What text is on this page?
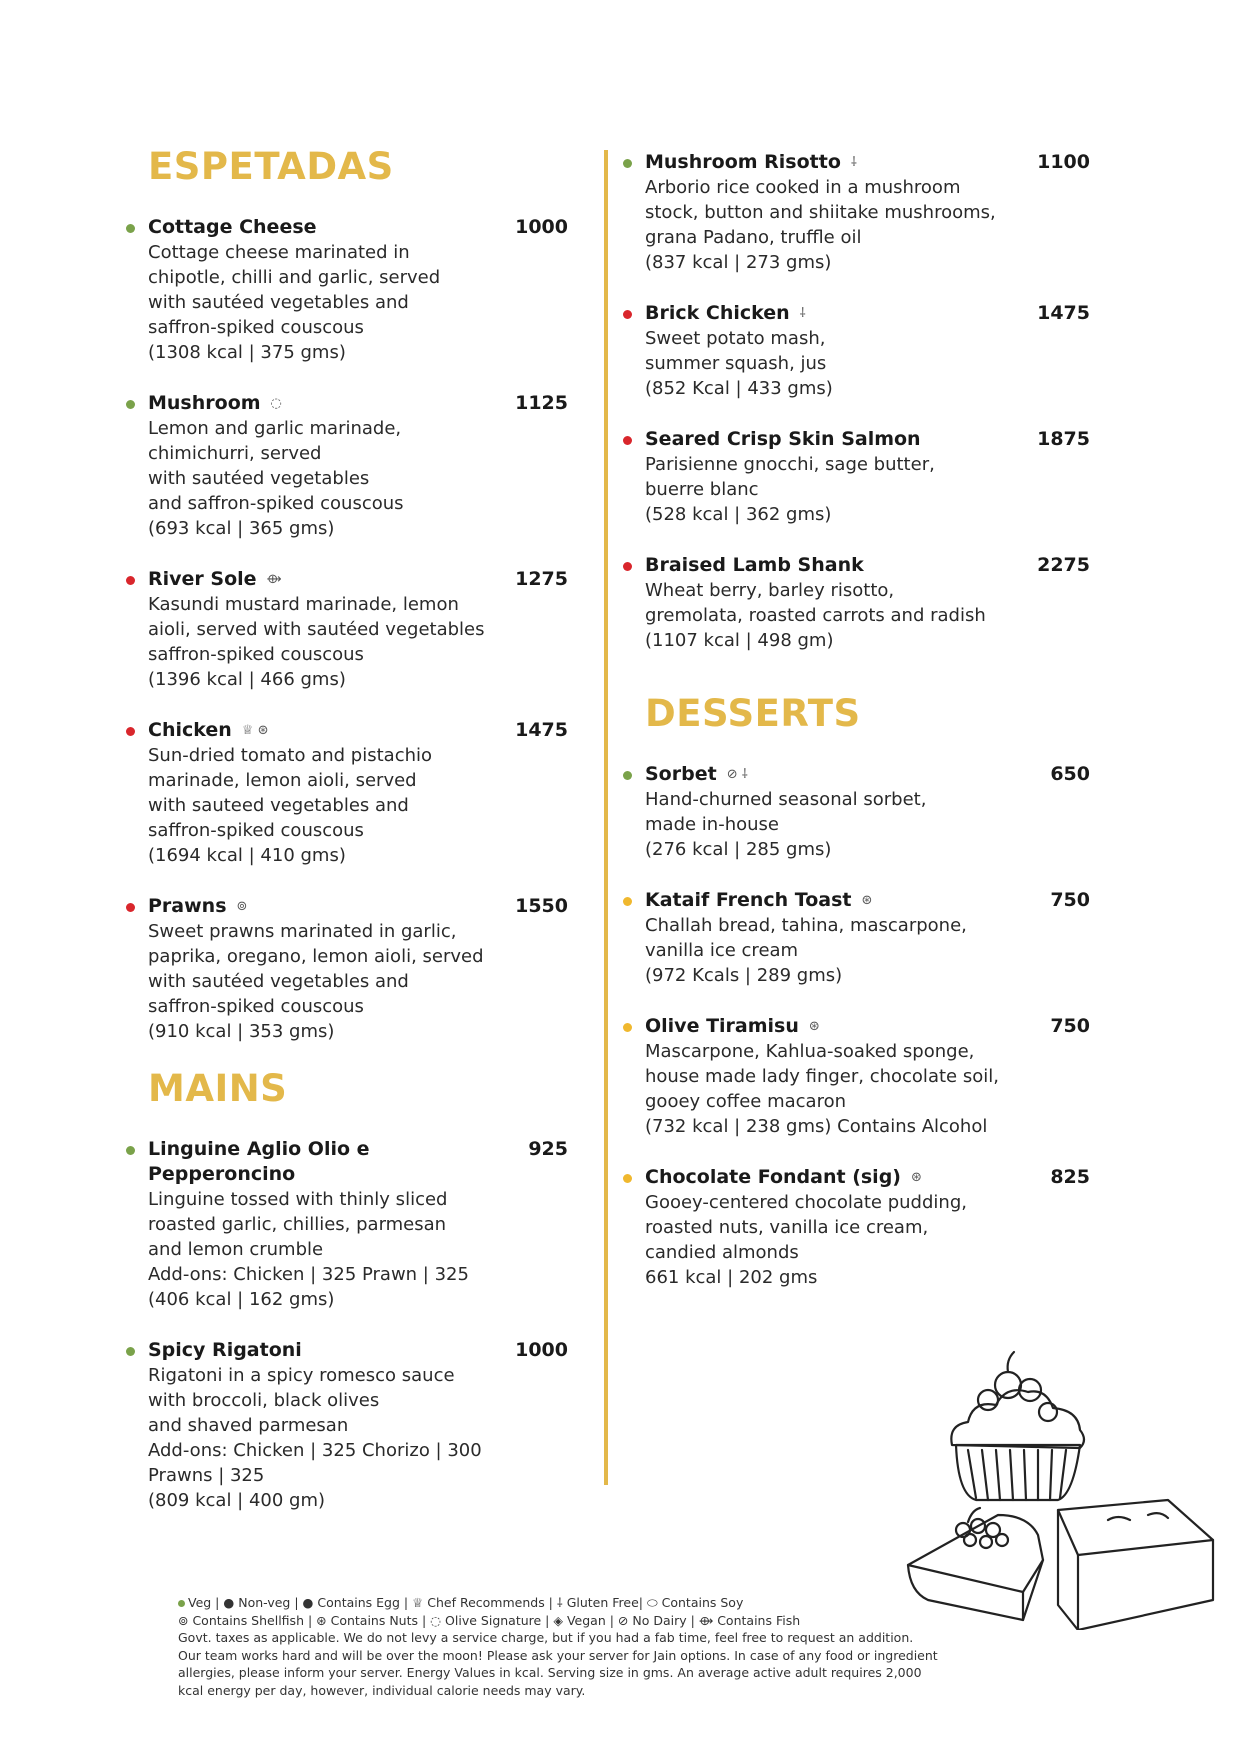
ESPETADAS
Cottage Cheese	1000
Cottage cheese marinated in
chipotle, chilli and garlic, served
with sautéed vegetables and
saffron-spiked couscous
(1308 kcal | 375 gms)
Mushroom ◌	1125
Lemon and garlic marinade,
chimichurri, served
with sautéed vegetables
and saffron-spiked couscous
(693 kcal | 365 gms)
River Sole ⟴	1275
Kasundi mustard marinade, lemon
aioli, served with sautéed vegetables
saffron-spiked couscous
(1396 kcal | 466 gms)
Chicken ♕ ⊛	1475
Sun-dried tomato and pistachio
marinade, lemon aioli, served
with sauteed vegetables and
saffron-spiked couscous
(1694 kcal | 410 gms)
Prawns ⊚	1550
Sweet prawns marinated in garlic,
paprika, oregano, lemon aioli, served
with sautéed vegetables and
saffron-spiked couscous
(910 kcal | 353 gms)
MAINS
Linguine Aglio Olio e Pepperoncino
925
Linguine tossed with thinly sliced
roasted garlic, chillies, parmesan
and lemon crumble
Add-ons: Chicken | 325 Prawn | 325
(406 kcal | 162 gms)
Spicy Rigatoni	1000
Rigatoni in a spicy romesco sauce
with broccoli, black olives
and shaved parmesan
Add-ons: Chicken | 325 Chorizo | 300
Prawns | 325
(809 kcal | 400 gm)
Mushroom Risotto ⸸	1100
Arborio rice cooked in a mushroom
stock, button and shiitake mushrooms,
grana Padano, truffle oil
(837 kcal | 273 gms)
Brick Chicken ⸸	1475
Sweet potato mash,
summer squash, jus
(852 Kcal | 433 gms)
Seared Crisp Skin Salmon	1875
Parisienne gnocchi, sage butter,
buerre blanc
(528 kcal | 362 gms)
Braised Lamb Shank	2275
Wheat berry, barley risotto,
gremolata, roasted carrots and radish
(1107 kcal | 498 gm)
DESSERTS
Sorbet ⊘ ⸸	650
Hand-churned seasonal sorbet,
made in-house
(276 kcal | 285 gms)
Kataif French Toast ⊛	750
Challah bread, tahina, mascarpone,
vanilla ice cream
(972 Kcals | 289 gms)
Olive Tiramisu ⊛	750
Mascarpone, Kahlua-soaked sponge,
house made lady finger, chocolate soil,
gooey coffee macaron
(732 kcal | 238 gms) Contains Alcohol
Chocolate Fondant (sig) ⊛	825
Gooey-centered chocolate pudding,
roasted nuts, vanilla ice cream,
candied almonds
661 kcal | 202 gms
Veg | ● Non-veg | ● Contains Egg | ♕ Chef Recommends | ⸸ Gluten Free| ⬭ Contains Soy
⊚ Contains Shellfish | ⊛ Contains Nuts | ◌ Olive Signature | ◈ Vegan | ⊘ No Dairy | ⟴ Contains Fish
Govt. taxes as applicable. We do not levy a service charge, but if you had a fab time, feel free to request an addition. Our team works hard and will be over the moon! Please ask your server for Jain options. In case of any food or ingredient allergies, please inform your server. Energy Values in kcal. Serving size in gms. An average active adult requires 2,000 kcal energy per day, however, individual calorie needs may vary.
